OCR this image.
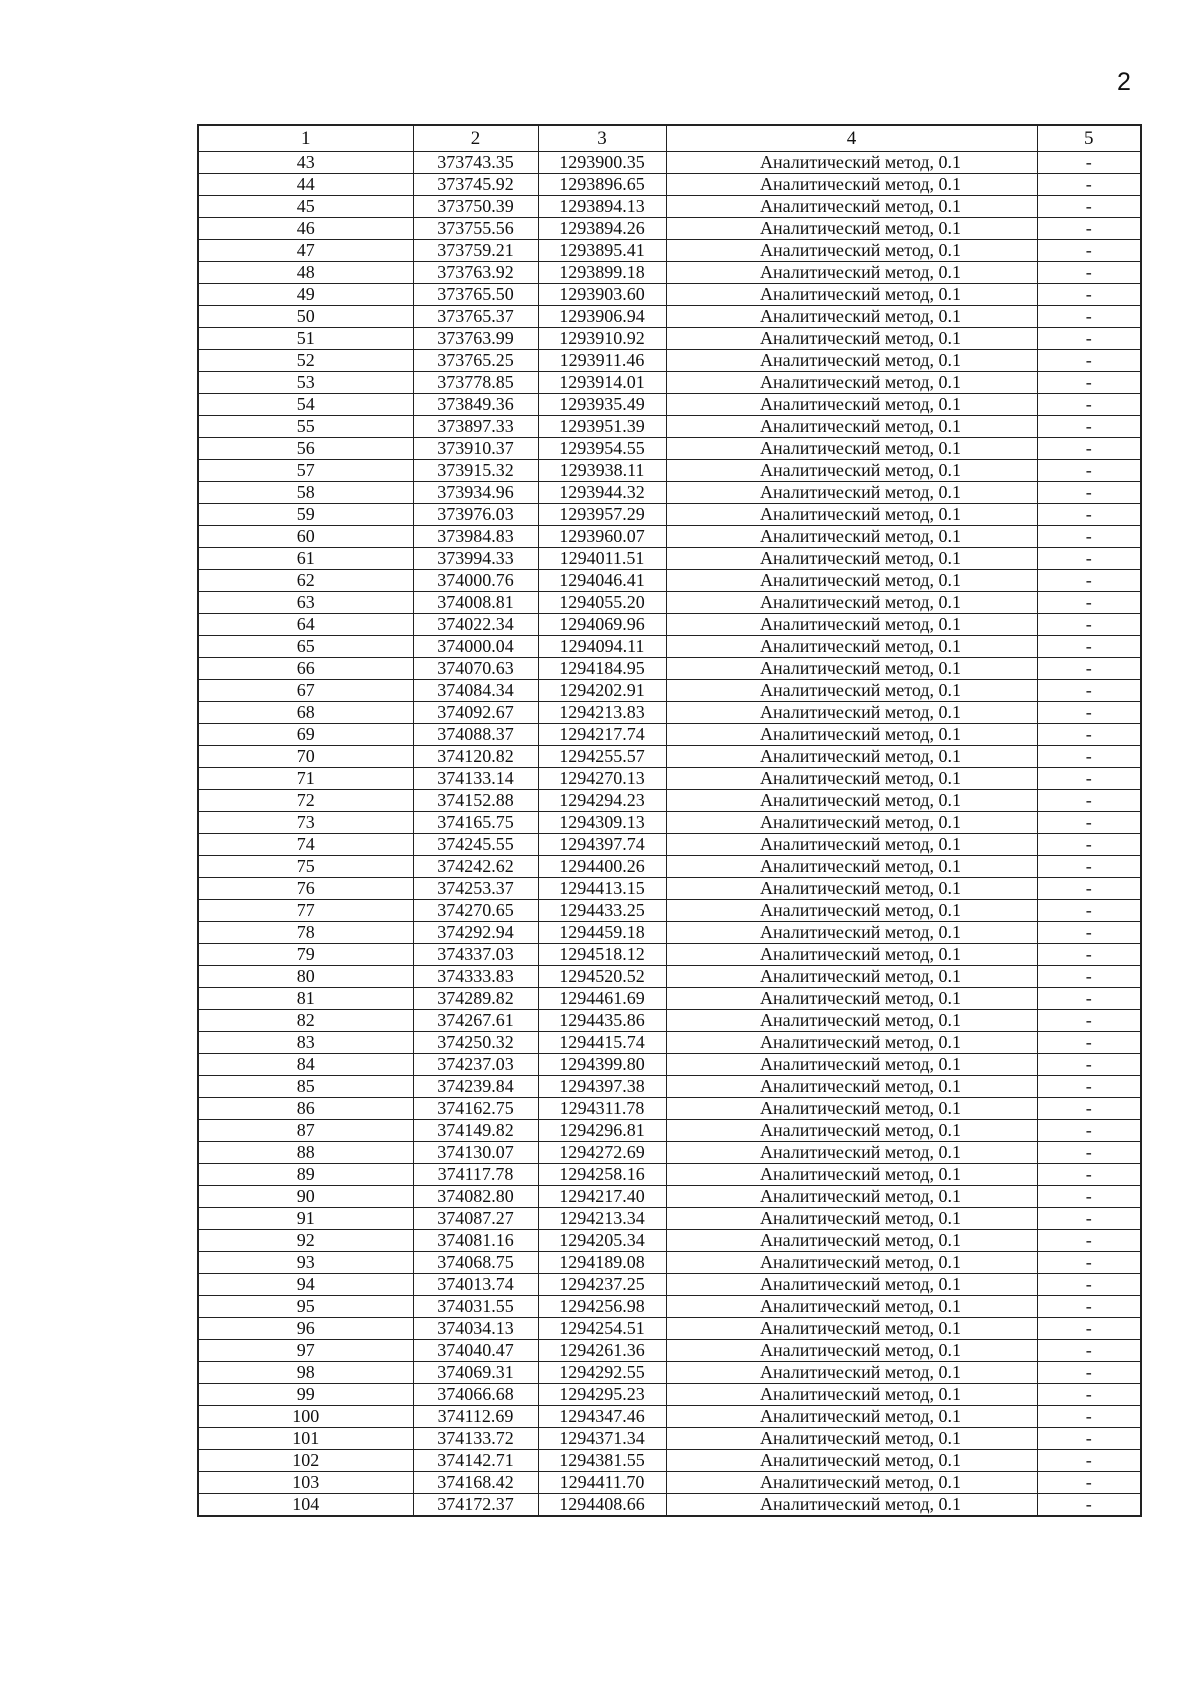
2
1	2	3	4	5
43	373743.35	1293900.35	Аналитический метод, 0.1	-
44	373745.92	1293896.65	Аналитический метод, 0.1	-
45	373750.39	1293894.13	Аналитический метод, 0.1	-
46	373755.56	1293894.26	Аналитический метод, 0.1	-
47	373759.21	1293895.41	Аналитический метод, 0.1	-
48	373763.92	1293899.18	Аналитический метод, 0.1	-
49	373765.50	1293903.60	Аналитический метод, 0.1	-
50	373765.37	1293906.94	Аналитический метод, 0.1	-
51	373763.99	1293910.92	Аналитический метод, 0.1	-
52	373765.25	1293911.46	Аналитический метод, 0.1	-
53	373778.85	1293914.01	Аналитический метод, 0.1	-
54	373849.36	1293935.49	Аналитический метод, 0.1	-
55	373897.33	1293951.39	Аналитический метод, 0.1	-
56	373910.37	1293954.55	Аналитический метод, 0.1	-
57	373915.32	1293938.11	Аналитический метод, 0.1	-
58	373934.96	1293944.32	Аналитический метод, 0.1	-
59	373976.03	1293957.29	Аналитический метод, 0.1	-
60	373984.83	1293960.07	Аналитический метод, 0.1	-
61	373994.33	1294011.51	Аналитический метод, 0.1	-
62	374000.76	1294046.41	Аналитический метод, 0.1	-
63	374008.81	1294055.20	Аналитический метод, 0.1	-
64	374022.34	1294069.96	Аналитический метод, 0.1	-
65	374000.04	1294094.11	Аналитический метод, 0.1	-
66	374070.63	1294184.95	Аналитический метод, 0.1	-
67	374084.34	1294202.91	Аналитический метод, 0.1	-
68	374092.67	1294213.83	Аналитический метод, 0.1	-
69	374088.37	1294217.74	Аналитический метод, 0.1	-
70	374120.82	1294255.57	Аналитический метод, 0.1	-
71	374133.14	1294270.13	Аналитический метод, 0.1	-
72	374152.88	1294294.23	Аналитический метод, 0.1	-
73	374165.75	1294309.13	Аналитический метод, 0.1	-
74	374245.55	1294397.74	Аналитический метод, 0.1	-
75	374242.62	1294400.26	Аналитический метод, 0.1	-
76	374253.37	1294413.15	Аналитический метод, 0.1	-
77	374270.65	1294433.25	Аналитический метод, 0.1	-
78	374292.94	1294459.18	Аналитический метод, 0.1	-
79	374337.03	1294518.12	Аналитический метод, 0.1	-
80	374333.83	1294520.52	Аналитический метод, 0.1	-
81	374289.82	1294461.69	Аналитический метод, 0.1	-
82	374267.61	1294435.86	Аналитический метод, 0.1	-
83	374250.32	1294415.74	Аналитический метод, 0.1	-
84	374237.03	1294399.80	Аналитический метод, 0.1	-
85	374239.84	1294397.38	Аналитический метод, 0.1	-
86	374162.75	1294311.78	Аналитический метод, 0.1	-
87	374149.82	1294296.81	Аналитический метод, 0.1	-
88	374130.07	1294272.69	Аналитический метод, 0.1	-
89	374117.78	1294258.16	Аналитический метод, 0.1	-
90	374082.80	1294217.40	Аналитический метод, 0.1	-
91	374087.27	1294213.34	Аналитический метод, 0.1	-
92	374081.16	1294205.34	Аналитический метод, 0.1	-
93	374068.75	1294189.08	Аналитический метод, 0.1	-
94	374013.74	1294237.25	Аналитический метод, 0.1	-
95	374031.55	1294256.98	Аналитический метод, 0.1	-
96	374034.13	1294254.51	Аналитический метод, 0.1	-
97	374040.47	1294261.36	Аналитический метод, 0.1	-
98	374069.31	1294292.55	Аналитический метод, 0.1	-
99	374066.68	1294295.23	Аналитический метод, 0.1	-
100	374112.69	1294347.46	Аналитический метод, 0.1	-
101	374133.72	1294371.34	Аналитический метод, 0.1	-
102	374142.71	1294381.55	Аналитический метод, 0.1	-
103	374168.42	1294411.70	Аналитический метод, 0.1	-
104	374172.37	1294408.66	Аналитический метод, 0.1	-
